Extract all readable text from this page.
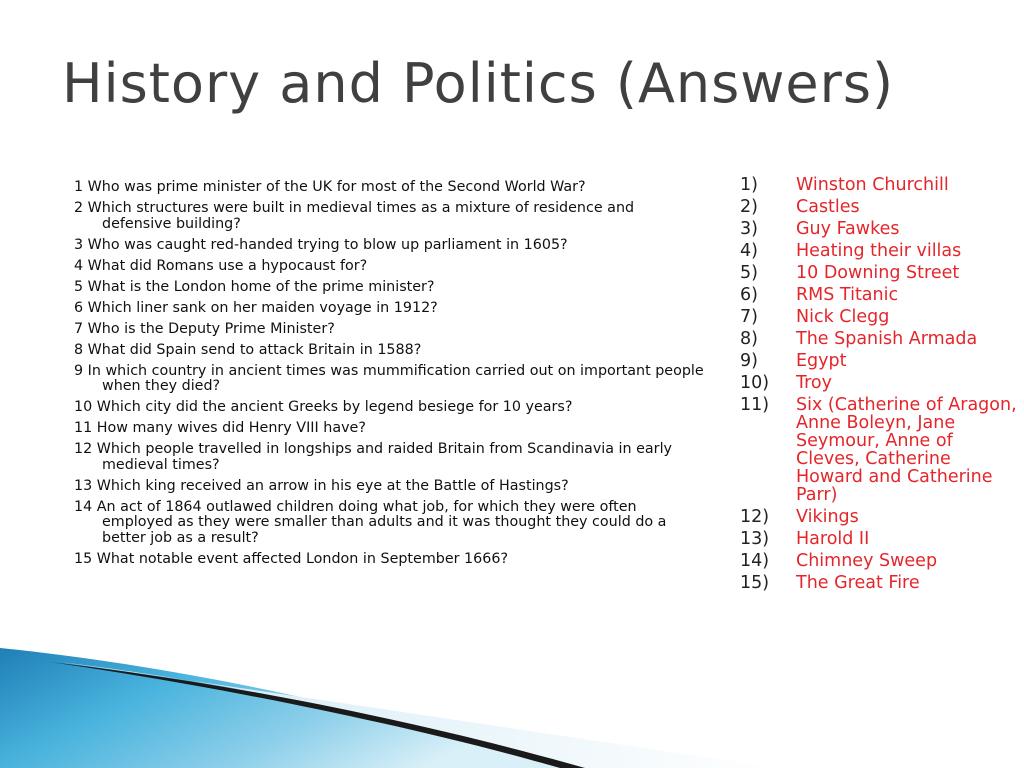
History and Politics (Answers)
1 Who was prime minister of the UK for most of the Second World War?
2 Which structures were built in medieval times as a mixture of residence and defensive building?
3 Who was caught red-handed trying to blow up parliament in 1605?
4 What did Romans use a hypocaust for?
5 What is the London home of the prime minister?
6 Which liner sank on her maiden voyage in 1912?
7 Who is the Deputy Prime Minister?
8 What did Spain send to attack Britain in 1588?
9 In which country in ancient times was mummification carried out on important people when they died?
10 Which city did the ancient Greeks by legend besiege for 10 years?
11 How many wives did Henry VIII have?
12 Which people travelled in longships and raided Britain from Scandinavia in early medieval times?
13 Which king received an arrow in his eye at the Battle of Hastings?
14 An act of 1864 outlawed children doing what job, for which they were often employed as they were smaller than adults and it was thought they could do a better job as a result?
15 What notable event affected London in September 1666?
1)	Winston Churchill
2)	Castles
3)	Guy Fawkes
4)	Heating their villas
5)	10 Downing Street
6)	RMS Titanic
7)	Nick Clegg
8)	The Spanish Armada
9)	Egypt
10)	Troy
11)	Six (Catherine of Aragon, Anne Boleyn, Jane Seymour, Anne of Cleves, Catherine Howard and Catherine Parr)
12)	Vikings
13)	Harold II
14)	Chimney Sweep
15)	The Great Fire
